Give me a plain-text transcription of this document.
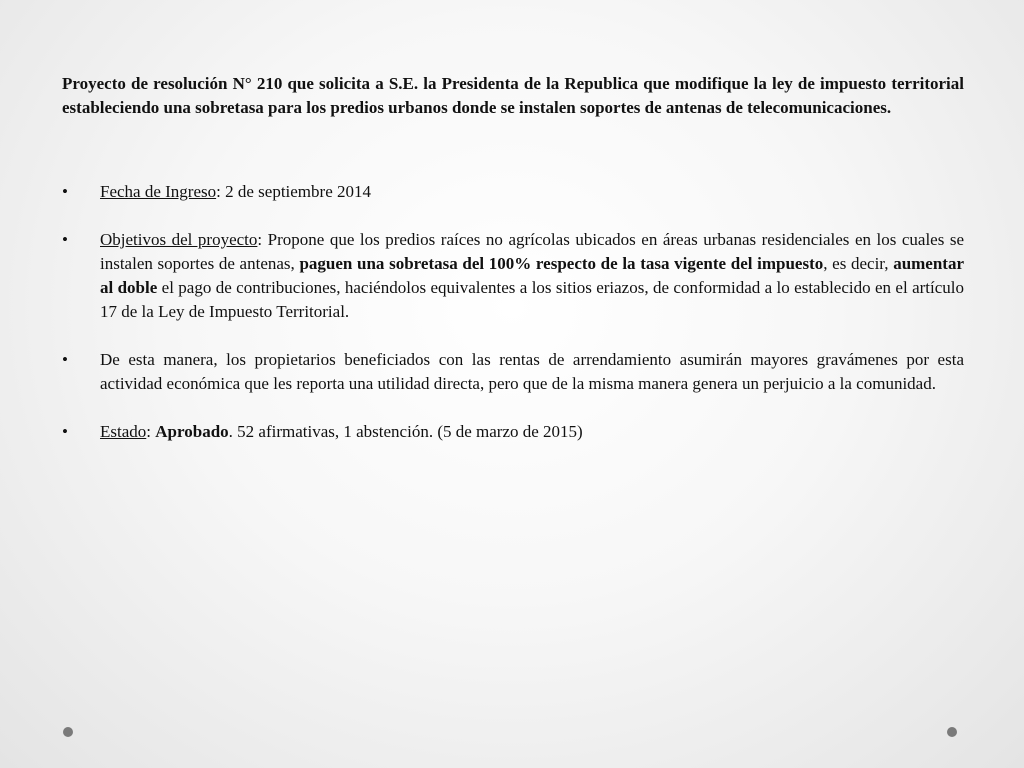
Proyecto de resolución N° 210 que solicita a S.E. la Presidenta de la Republica que modifique la ley de impuesto territorial estableciendo una sobretasa para los predios urbanos donde se instalen soportes de antenas de telecomunicaciones.

•	Fecha de Ingreso: 2 de septiembre 2014
•	Objetivos del proyecto: Propone que los predios raíces no agrícolas ubicados en áreas urbanas residenciales en los cuales se instalen soportes de antenas, paguen una sobretasa del 100% respecto de la tasa vigente del impuesto, es decir, aumentar al doble el pago de contribuciones, haciéndolos equivalentes a los sitios eriazos, de conformidad a lo establecido en el artículo 17 de la Ley de Impuesto Territorial.
•	De esta manera, los propietarios beneficiados con las rentas de arrendamiento asumirán mayores gravámenes por esta actividad económica que les reporta una utilidad directa, pero que de la misma manera genera un perjuicio a la comunidad.
•	Estado: Aprobado. 52 afirmativas, 1 abstención. (5 de marzo de 2015)
